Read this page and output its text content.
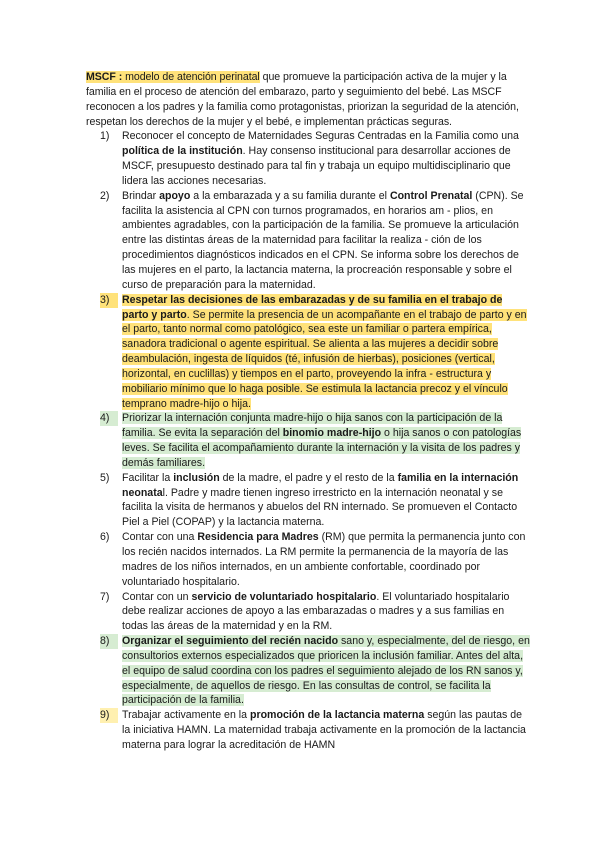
MSCF : modelo de atención perinatal que promueve la participación activa de la mujer y la familia en el proceso de atención del embarazo, parto y seguimiento del bebé. Las MSCF reconocen a los padres y la familia como protagonistas, priorizan la seguridad de la atención, respetan los derechos de la mujer y el bebé, e implementan prácticas seguras.

1)	Reconocer el concepto de Maternidades Seguras Centradas en la Familia como una política de la institución. Hay consenso institucional para desarrollar acciones de MSCF, presupuesto destinado para tal fin y trabaja un equipo multidisciplinario que lidera las acciones necesarias.
2)	Brindar apoyo a la embarazada y a su familia durante el Control Prenatal (CPN). Se facilita la asistencia al CPN con turnos programados, en horarios am - plios, en ambientes agradables, con la participación de la familia. Se promueve la articulación entre las distintas áreas de la maternidad para facilitar la realiza - ción de los procedimientos diagnósticos indicados en el CPN. Se informa sobre los derechos de las mujeres en el parto, la lactancia materna, la procreación responsable y sobre el curso de preparación para la maternidad.
3)	Respetar las decisiones de las embarazadas y de su familia en el trabajo de parto y parto. Se permite la presencia de un acompañante en el trabajo de parto y en el parto, tanto normal como patológico, sea este un familiar o partera empírica, sanadora tradicional o agente espiritual. Se alienta a las mujeres a decidir sobre deambulación, ingesta de líquidos (té, infusión de hierbas), posiciones (vertical, horizontal, en cuclillas) y tiempos en el parto, proveyendo la infra - estructura y mobiliario mínimo que lo haga posible. Se estimula la lactancia precoz y el vínculo temprano madre-hijo o hija.
4)	Priorizar la internación conjunta madre-hijo o hija sanos con la participación de la familia. Se evita la separación del binomio madre-hijo o hija sanos o con patologías leves. Se facilita el acompañamiento durante la internación y la visita de los padres y demás familiares.
5)	Facilitar la inclusión de la madre, el padre y el resto de la familia en la internación neonatal. Padre y madre tienen ingreso irrestricto en la internación neonatal y se facilita la visita de hermanos y abuelos del RN internado. Se promueven el Contacto Piel a Piel (COPAP) y la lactancia materna.
6)	Contar con una Residencia para Madres (RM) que permita la permanencia junto con los recién nacidos internados. La RM permite la permanencia de la mayoría de las madres de los niños internados, en un ambiente confortable, coordinado por voluntariado hospitalario.
7)	Contar con un servicio de voluntariado hospitalario. El voluntariado hospitalario debe realizar acciones de apoyo a las embarazadas o madres y a sus familias en todas las áreas de la maternidad y en la RM.
8)	Organizar el seguimiento del recién nacido sano y, especialmente, del de riesgo, en consultorios externos especializados que prioricen la inclusión familiar. Antes del alta, el equipo de salud coordina con los padres el seguimiento alejado de los RN sanos y, especialmente, de aquellos de riesgo. En las consultas de control, se facilita la participación de la familia.
9)	Trabajar activamente en la promoción de la lactancia materna según las pautas de la iniciativa HAMN. La maternidad trabaja activamente en la promoción de la lactancia materna para lograr la acreditación de HAMN
